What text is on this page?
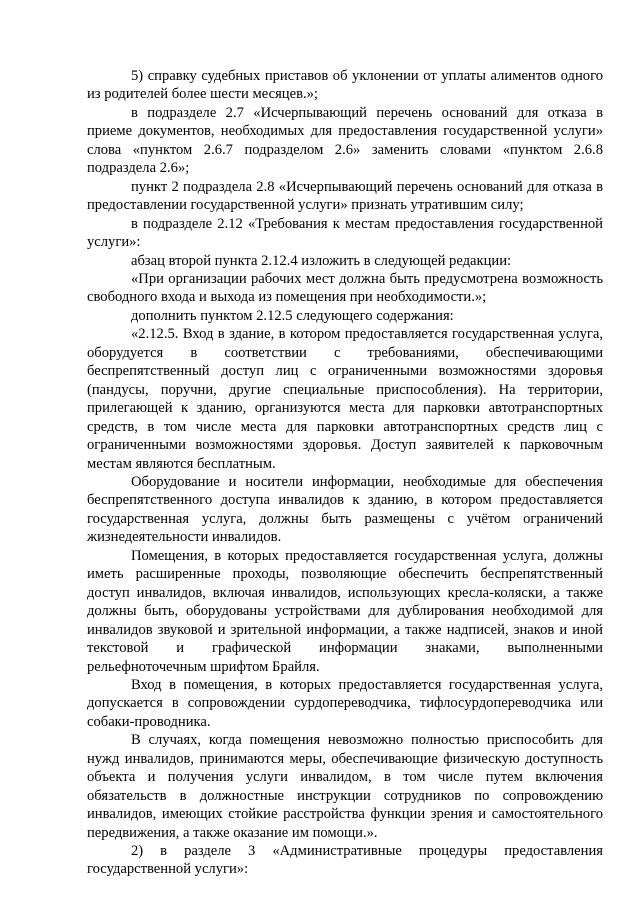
5) справку судебных приставов об уклонении от уплаты алиментов одного из родителей более шести месяцев.»;

в подразделе 2.7 «Исчерпывающий перечень оснований для отказа в приеме документов, необходимых для предоставления государственной услуги» слова «пунктом 2.6.7 подразделом 2.6» заменить словами «пунктом 2.6.8 подраздела 2.6»;

пункт 2 подраздела 2.8 «Исчерпывающий перечень оснований для отказа в предоставлении государственной услуги» признать утратившим силу;

в подразделе 2.12 «Требования к местам предоставления государственной услуги»:

абзац второй пункта 2.12.4 изложить в следующей редакции:

«При организации рабочих мест должна быть предусмотрена возможность свободного входа и выхода из помещения при необходимости.»;

дополнить пунктом 2.12.5 следующего содержания:

«2.12.5. Вход в здание, в котором предоставляется государственная услуга, оборудуется в соответствии с требованиями, обеспечивающими беспрепятственный доступ лиц с ограниченными возможностями здоровья (пандусы, поручни, другие специальные приспособления). На территории, прилегающей к зданию, организуются места для парковки автотранспортных средств, в том числе места для парковки автотранспортных средств лиц с ограниченными возможностями здоровья. Доступ заявителей к парковочным местам являются бесплатным.

Оборудование и носители информации, необходимые для обеспечения беспрепятственного доступа инвалидов к зданию, в котором предоставляется государственная услуга, должны быть размещены с учётом ограничений жизнедеятельности инвалидов.

Помещения, в которых предоставляется государственная услуга, должны иметь расширенные проходы, позволяющие обеспечить беспрепятственный доступ инвалидов, включая инвалидов, использующих кресла-коляски, а также должны быть, оборудованы устройствами для дублирования необходимой для инвалидов звуковой и зрительной информации, а также надписей, знаков и иной текстовой и графической информации знаками, выполненными рельефноточечным шрифтом Брайля.

Вход в помещения, в которых предоставляется государственная услуга, допускается в сопровождении сурдопереводчика, тифлосурдопереводчика или собаки-проводника.

В случаях, когда помещения невозможно полностью приспособить для нужд инвалидов, принимаются меры, обеспечивающие физическую доступность объекта и получения услуги инвалидом, в том числе путем включения обязательств в должностные инструкции сотрудников по сопровождению инвалидов, имеющих стойкие расстройства функции зрения и самостоятельного передвижения, а также оказание им помощи.».

2) в разделе 3 «Административные процедуры предоставления государственной услуги»:
